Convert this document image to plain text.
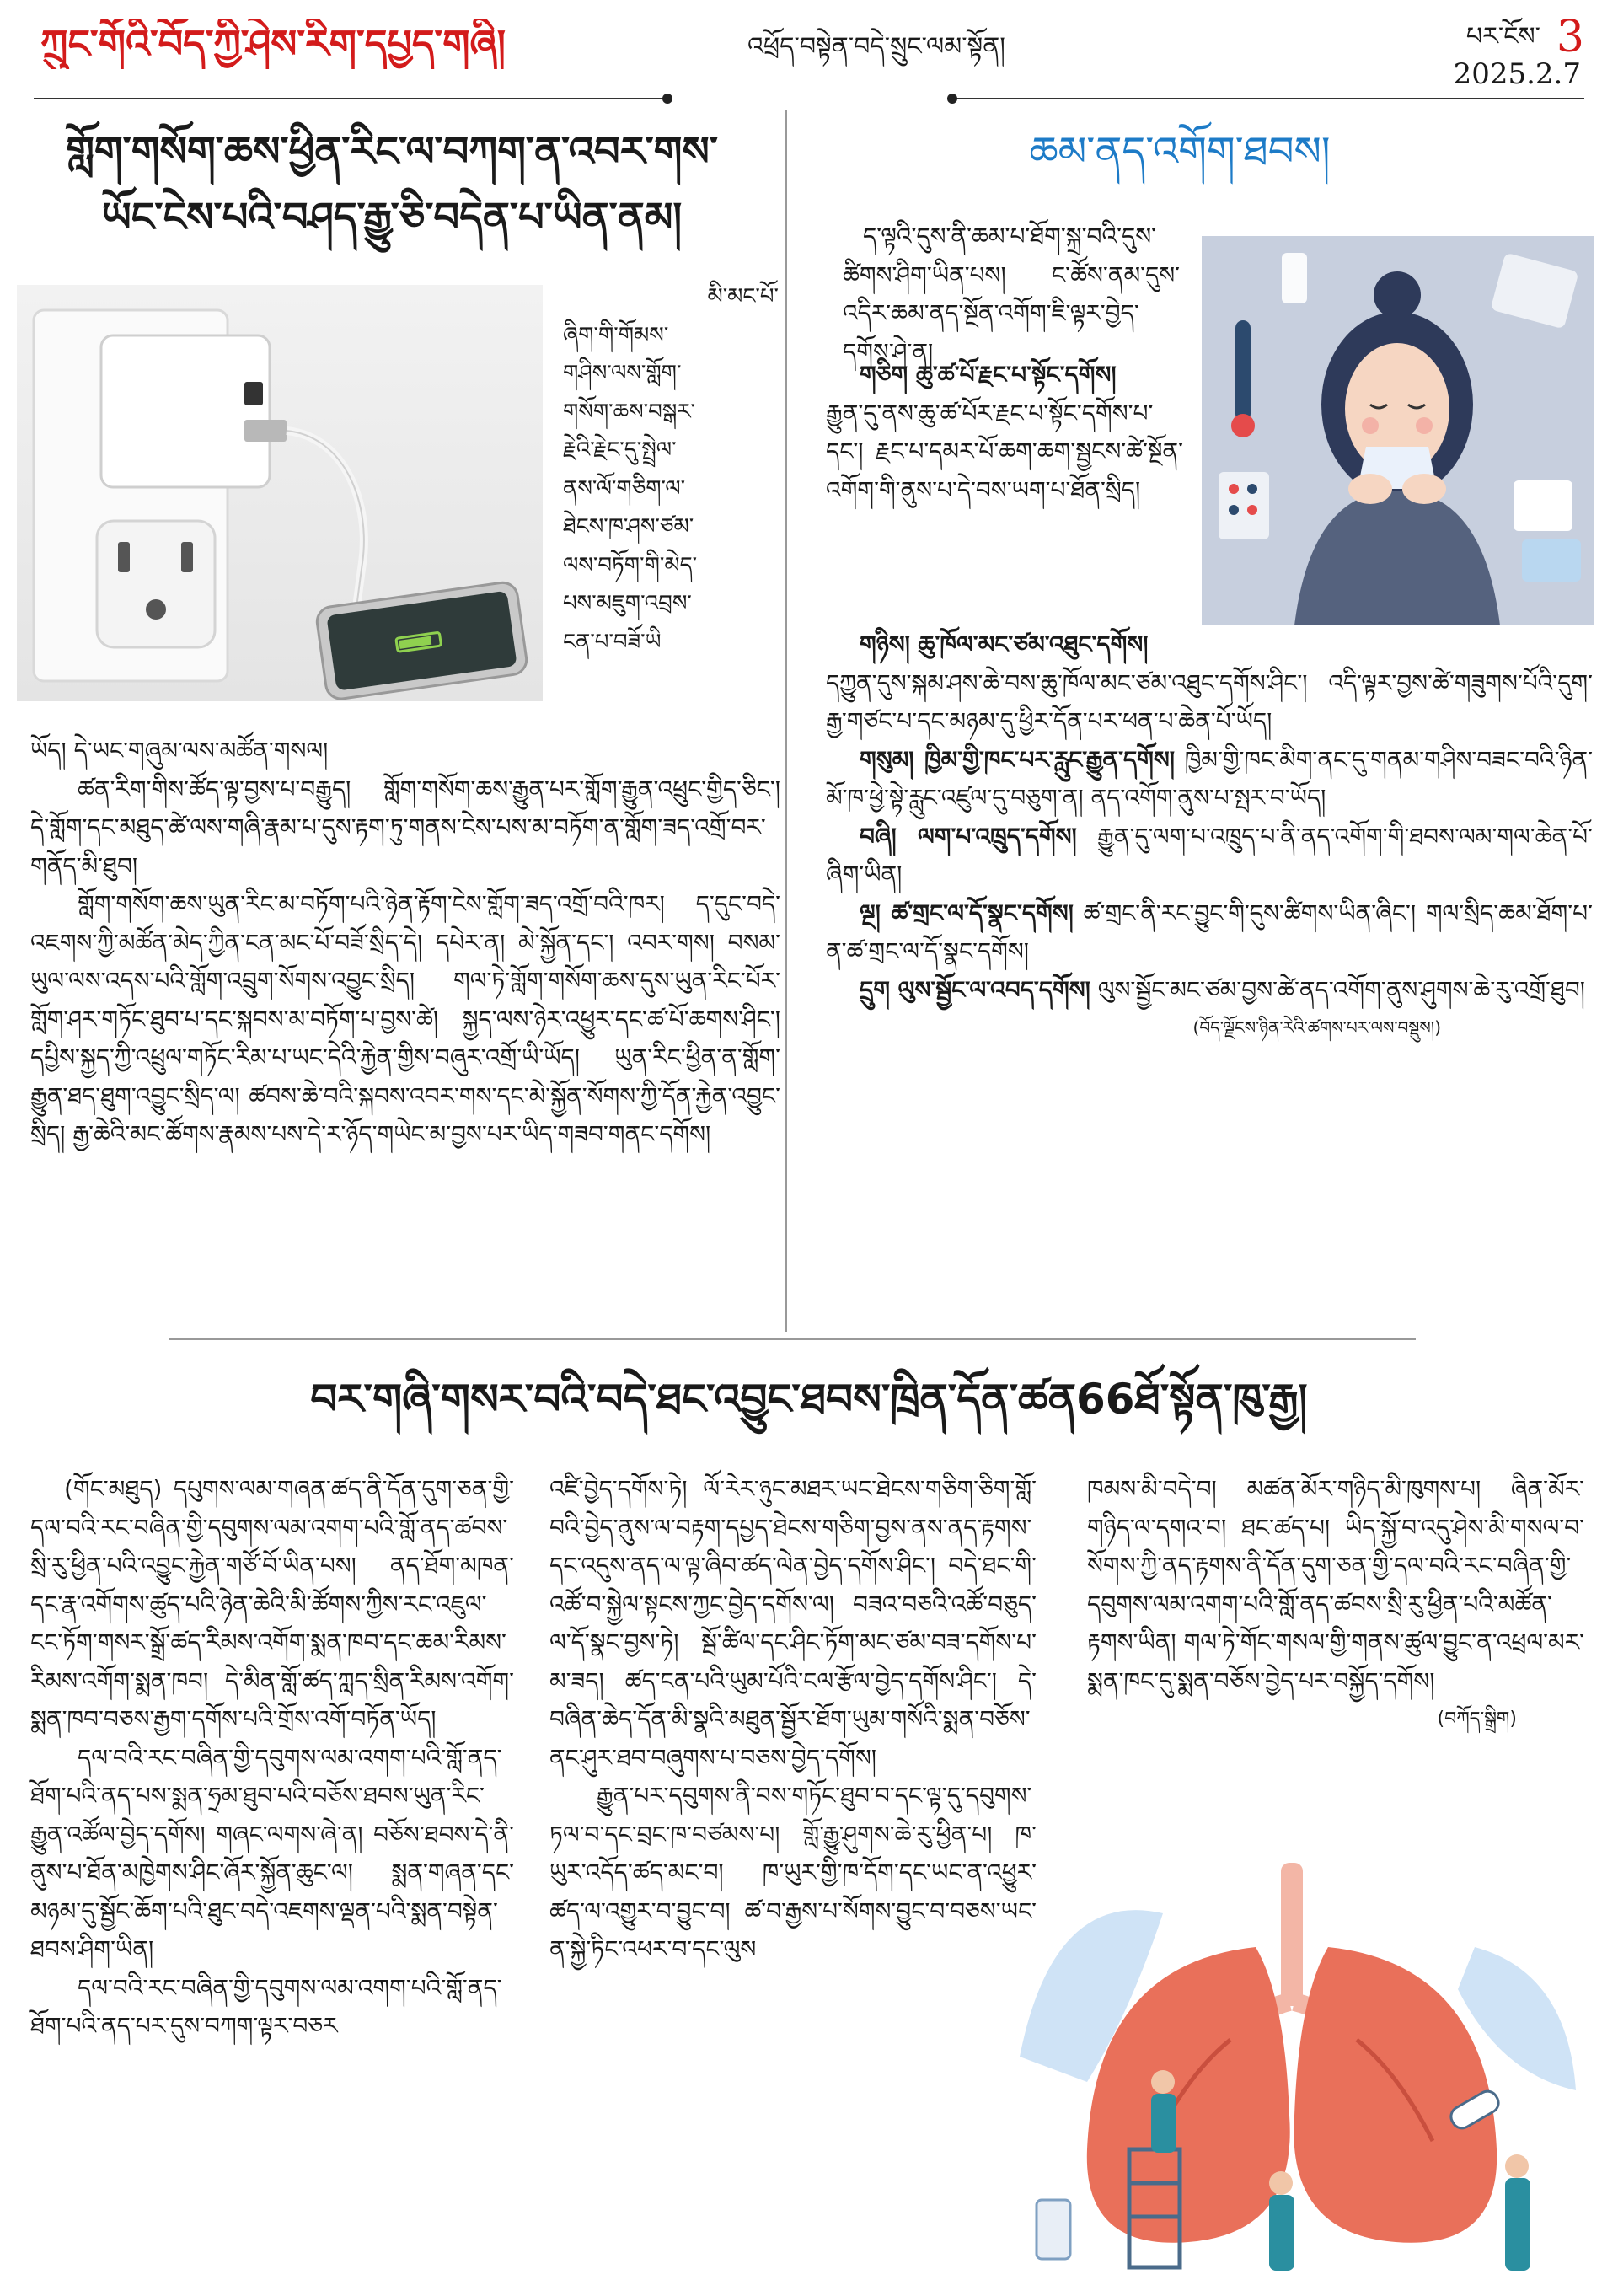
ཀྲུང་གོའི་བོད་ཀྱི་ཤེས་རིག་དཔྱད་གཞི།	འཕྲོད་བསྟེན་བདེ་སྲུང་ལམ་སྟོན།	པར་ངོས་ 3
2025.2.7
གློག་གསོག་ཆས་ཕྱིན་རིང་ལ་བཀག་ན་འབར་གས་
ཡོང་ངེས་པའི་བཤད་རྒྱུ་ཅི་བདེན་པ་ཡིན་ནམ།
མི་མང་པོ་
ཞིག་གི་གོམས་
གཤིས་ལས་གློག་
གསོག་ཆས་བསྒར་
རྗེའི་རྗེང་དུ་སྤྲེལ་
ནས་ལོ་གཅིག་ལ་
ཐེངས་ཁ་ཤས་ཙམ་
ལས་བཏོག་གི་མེད་
པས་མཇུག་འབྲས་
ངན་པ་བཟོ་ཡི

ཡོད། དེ་ཡང་གཞུམ་ལས་མཚོན་གསལ།

ཚན་རིག་གིས་ཚོད་ལྟ་བྱས་པ་བརྒྱུད། གློག་གསོག་ཆས་རྒྱུན་པར་གློག་རྒྱུན་འཕྲུང་གྱིད་ཅིང་། དེ་གློག་དང་མཐུད་ཚེ་ལས་གཞི་རྣམ་པ་དུས་རྟག་ཏུ་གནས་ངེས་པས་མ་བཏོག་ན་གློག་ཟད་འགྲོ་བར་གནོད་མི་ཐུབ།

གློག་གསོག་ཆས་ཡུན་རིང་མ་བཏོག་པའི་ཉེན་རྟོག་ངེས་གློག་ཟད་འགྲོ་བའི་ཁར། ད་དུང་བདེ་འཇགས་ཀྱི་མཚོན་མེད་ཀྱིན་ངན་མང་པོ་བཟོ་སྲིད་དེ། དཔེར་ན། མེ་སྐྱོན་དང་། འབར་གས། བསམ་ཡུལ་ལས་འདས་པའི་གློག་འབྲུག་སོགས་འབྱུང་སྲིད། གལ་ཏེ་གློག་གསོག་ཆས་དུས་ཡུན་རིང་པོར་གློག་ཤར་གཏོང་ཐུབ་པ་དང་སྐབས་མ་བཏོག་པ་བྱས་ཚེ། སྐྱད་ལས་ཉེར་འཕྱུར་དང་ཚ་པོ་ཆགས་ཤིང་། དཔྱིས་སྐྱད་ཀྱི་འཕྲུལ་གཏོང་རིམ་པ་ཡང་དེའི་རྐྱེན་གྱིས་བཞུར་འགྲོ་ཡི་ཡོད། ཡུན་རིང་ཕྱིན་ན་གློག་རྒྱུན་ཐད་ཐུག་འབྱུང་སྲིད་ལ། ཚབས་ཆེ་བའི་སྐབས་འབར་གས་དང་མེ་སྐྱོན་སོགས་ཀྱི་དོན་རྐྱེན་འབྱུང་སྲིད། རྒྱ་ཆེའི་མང་ཚོགས་རྣམས་པས་དེ་ར་ཉོད་གཡེང་མ་བྱས་པར་ཡིད་གཟབ་གནང་དགོས།

ཆམ་ནད་འགོག་ཐབས།
ད་ལྟའི་དུས་ནི་ཆམ་པ་ཐོག་སྐྲ་བའི་དུས་ཚིགས་ཤིག་ཡིན་པས། ང་ཚོས་ནམ་དུས་འདིར་ཆམ་ནད་སྔོན་འགོག་ཇི་ལྟར་བྱེད་དགོས་ཤེ་ན།

གཅིག ཆུ་ཚ་པོ་རྗང་པ་སྟོང་དགོས།

རྒྱུན་དུ་ནས་ཆུ་ཚ་པོར་རྗང་པ་སྟོང་དགོས་པ་དང་། རྗང་པ་དམར་པོ་ཆག་ཆག་སྦྱངས་ཚེ་སྔོན་འགོག་གི་ནུས་པ་དེ་བས་ཡག་པ་ཐོན་སྲིད།

གཉིས། ཆུ་ཁོལ་མང་ཙམ་འཐུང་དགོས།

དཀྱུན་དུས་སྐམ་ཤས་ཆེ་བས་ཆུ་ཁོལ་མང་ཙམ་འཐུང་དགོས་ཤིང་། འདི་ལྟར་བྱས་ཚེ་གཟུགས་པོའི་དུག་རྒྱ་གཙང་པ་དང་མཉམ་དུ་ཕྱིར་དོན་པར་ཕན་པ་ཆེན་པོ་ཡོད།

གསུམ། ཁྱིམ་གྱི་ཁང་པར་རླུང་རྒྱུན་དགོས། ཁྱིམ་གྱི་ཁང་མིག་ནང་དུ་གནམ་གཤིས་བཟང་བའི་ཉིན་མོ་ཁ་ཕྱེ་སྟེ་རླུང་འཛུལ་དུ་བཅུག་ན། ནད་འགོག་ནུས་པ་སྤར་བ་ཡོད།

བཞི། ལག་པ་འཁྲུད་དགོས། རྒྱུན་དུ་ལག་པ་འཁྲུད་པ་ནི་ནད་འགོག་གི་ཐབས་ལམ་གལ་ཆེན་པོ་ཞིག་ཡིན།

ལྔ། ཚ་གྲང་ལ་དོ་སྣང་དགོས། ཚ་གྲང་ནི་རང་བྱུང་གི་དུས་ཚིགས་ཡིན་ཞིང་། གལ་སྲིད་ཆམ་ཐོག་པ་ན་ཚ་གྲང་ལ་དོ་སྣང་དགོས།

དྲུག ལུས་སྦྱོང་ལ་འབད་དགོས། ལུས་སྦྱོང་མང་ཙམ་བྱས་ཚེ་ནད་འགོག་ནུས་ཤུགས་ཆེ་རུ་འགྲོ་ཐུབ།

(བོད་ལྗོངས་ཉིན་རེའི་ཚགས་པར་ལས་བསྡུས།)
བར་གཞི་གསར་བའི་བདེ་ཐང་འབྱུང་ཐབས་ཁྲིན་དོན་ཚན66ཐོ་སྟོན་ཁུ་རྒྱ།

(གོང་མཐུད) དཔུགས་ལམ་གཞན་ཚད་ནི་དོན་དུག་ཅན་གྱི་དལ་བའི་རང་བཞིན་གྱི་དབུགས་ལམ་འགག་པའི་གློ་ནད་ཚབས་སྲི་རུ་ཕྱིན་པའི་འབྱུང་རྐྱེན་གཙོ་བོ་ཡིན་པས། ནད་ཐོག་མཁན་དང་རྣ་འགོགས་ཚུད་པའི་ཉེན་ཆེའི་མི་ཚོགས་ཀྱིས་རང་འཇུལ་ངང་ཏོག་གསར་སྒྲོ་ཚད་རིམས་འགོག་སྨན་ཁབ་དང་ཆམ་རིམས་རིམས་འགོག་སྨན་ཁབ། དེ་མིན་གློ་ཚད་ཀླད་སྲིན་རིམས་འགོག་སྨན་ཁབ་བཅས་རྒྱག་དགོས་པའི་གྲོས་འགོ་བཏོན་ཡོད།

དལ་བའི་རང་བཞིན་གྱི་དབུགས་ལམ་འགག་པའི་གློ་ནད་ཐོག་པའི་ནད་པས་སྨན་ཧྲམ་ཐུབ་པའི་བཅོས་ཐབས་ཡུན་རིང་རྒྱུན་འཚོལ་བྱེད་དགོས། གཞང་ལགས་ཞེ་ན། བཅོས་ཐབས་དེ་ནི་ནུས་པ་ཐོན་མཁྱེགས་ཤིང་ཞོར་སྐྱོན་ཆུང་ལ། སྨན་གཞན་དང་མཉམ་དུ་སྦྱོང་ཆོག་པའི་ཐུང་བདེ་འཇགས་ལྡན་པའི་སྨན་བསྟེན་ཐབས་ཤིག་ཡིན།

དལ་བའི་རང་བཞིན་གྱི་དབུགས་ལམ་འགག་པའི་གློ་ནད་ཐོག་པའི་ནད་པར་དུས་བཀག་ལྟར་བཅར

འཛི་བྱེད་དགོས་ཏེ། ལོ་རེར་ཉུང་མཐར་ཡང་ཐེངས་གཅིག་ཅིག་གློ་བའི་བྱེད་ནུས་ལ་བརྟག་དཔྱད་ཐེངས་གཅིག་བྱས་ནས་ནད་རྟགས་དང་འདུས་ནད་ལ་ལྟ་ཞིབ་ཚད་ལེན་བྱེད་དགོས་ཤིང་། བདེ་ཐང་གི་འཚོ་བ་སྐྱེལ་སྟངས་ཀྱང་བྱེད་དགོས་ལ། བཟའ་བཅའི་འཚོ་བཅུད་ལ་དོ་སྣང་བྱས་ཏེ། སྦོ་ཚིལ་དང་ཤིང་ཏོག་མང་ཙམ་བཟ་དགོས་པ་མ་ཟད། ཚད་ངན་པའི་ཡུམ་པོའི་ངལ་རྩོལ་བྱེད་དགོས་ཤིང་། དེ་བཞིན་ཆེད་དོན་མི་སྣའི་མཐུན་སྦྱོར་ཐོག་ཡུམ་གསོའི་སྨན་བཅོས་ནང་ཤུར་ཐབ་བཞུགས་པ་བཅས་བྱེད་དགོས།

རྒྱུན་པར་དབུགས་ནི་བས་གཏོང་ཐུབ་བ་དང་ལྟ་དུ་དབུགས་ཏལ་བ་དང་བྲང་ཁ་བཙམས་པ། གློ་རྒྱུ་ཤུགས་ཆེ་རུ་ཕྱིན་པ། ཁ་ཡུར་འདོད་ཚད་མང་བ། ཁ་ཡུར་གྱི་ཁ་དོག་དང་ཡང་ན་འཕྱུར་ཚད་ལ་འགྱུར་བ་བྱུང་བ། ཚ་བ་རྒྱས་པ་སོགས་བྱུང་བ་བཅས་ཡང་ན་སྐྱེ་ཏིང་འཕར་བ་དང་ལུས

ཁམས་མི་བདེ་བ། མཚན་མོར་གཉིད་མི་ཁུགས་པ། ཞིན་མོར་གཉིད་ལ་དགའ་བ། ཐང་ཚད་པ། ཡིད་སྐྱོ་བ་འདུ་ཤེས་མི་གསལ་བ་སོགས་ཀྱི་ནད་རྟགས་ནི་དོན་དུག་ཅན་གྱི་དལ་བའི་རང་བཞིན་གྱི་དབུགས་ལམ་འགག་པའི་གློ་ནད་ཚབས་སྲི་རུ་ཕྱིན་པའི་མཚོན་རྟགས་ཡིན། གལ་ཏེ་གོང་གསལ་གྱི་གནས་ཚུལ་བྱུང་ན་འཕྲལ་མར་སྨན་ཁང་དུ་སྨན་བཅོས་བྱེད་པར་བསྐྱོད་དགོས།

(བཀོད་སྒྲིག)
